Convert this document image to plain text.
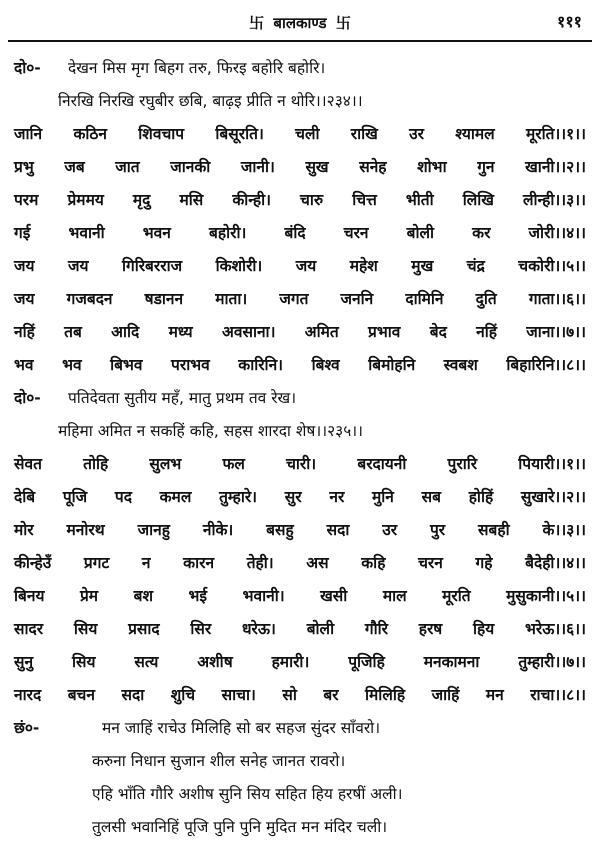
卐 बालकाण्ड 卐	१११
दो०- देखन मिस मृग बिहग तरु, फिरइ बहोरि बहोरि।
निरखि निरखि रघुबीर छबि, बाढ़इ प्रीति न थोरि।।२३४।।
जानि कठिन शिवचाप बिसूरति। चली राखि उर श्यामल मूरति।।१।।
प्रभु जब जात जानकी जानी। सुख सनेह शोभा गुन खानी।।२।।
परम प्रेममय मृदु मसि कीन्ही। चारु चित्त भीती लिखि लीन्ही।।३।।
गई भवानी भवन बहोरी। बंदि चरन बोली कर जोरी।।४।।
जय जय गिरिबरराज किशोरी। जय महेश मुख चंद्र चकोरी।।५।।
जय गजबदन षडानन माता। जगत जननि दामिनि दुति गाता।।६।।
नहिं तब आदि मध्य अवसाना। अमित प्रभाव बेद नहिं जाना।।७।।
भव भव बिभव पराभव कारिनि। बिश्व बिमोहनि स्वबश बिहारिनि।।८।।
दो०- पतिदेवता सुतीय महँ, मातु प्रथम तव रेख।
महिमा अमित न सकहिं कहि, सहस शारदा शेष।।२३५।।
सेवत तोहि सुलभ फल चारी। बरदायनी पुरारि पियारी।।१।।
देबि पूजि पद कमल तुम्हारे। सुर नर मुनि सब होहिं सुखारे।।२।।
मोर मनोरथ जानहु नीके। बसहु सदा उर पुर सबही के।।३।।
कीन्हेउँ प्रगट न कारन तेही। अस कहि चरन गहे बैदेही।।४।।
बिनय प्रेम बश भई भवानी। खसी माल मूरति मुसुकानी।।५।।
सादर सिय प्रसाद सिर धरेऊ। बोली गौरि हरष हिय भरेऊ।।६।।
सुनु सिय सत्य अशीष हमारी। पूजिहि मनकामना तुम्हारी।।७।।
नारद बचन सदा शुचि साचा। सो बर मिलिहि जाहिं मन राचा।।८।।
छं०-	मन जाहिं राचेउ मिलिहि सो बर सहज सुंदर साँवरो।
करुना निधान सुजान शील सनेह जानत रावरो।
एहि भाँति गौरि अशीष सुनि सिय सहित हिय हरषीं अली।
तुलसी भवानिहिं पूजि पुनि पुनि मुदित मन मंदिर चली।
